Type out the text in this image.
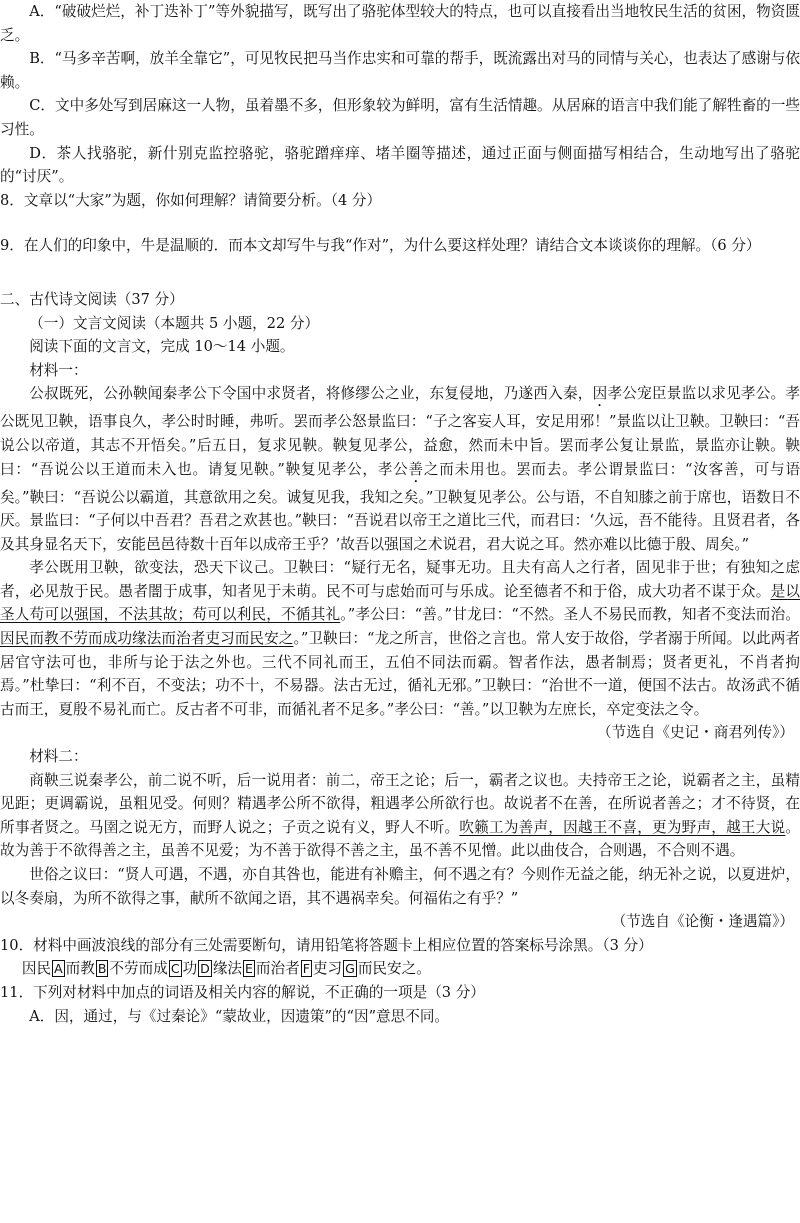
A．“破破烂烂，补丁迭补丁”等外貌描写，既写出了骆驼体型较大的特点，也可以直接看出当地牧民生活的贫困，物资匮乏。

B．“马多辛苦啊，放羊全靠它”，可见牧民把马当作忠实和可靠的帮手，既流露出对马的同情与关心，也表达了感谢与依赖。

C．文中多处写到居麻这一人物，虽着墨不多，但形象较为鲜明，富有生活情趣。从居麻的语言中我们能了解牲畜的一些习性。

D．茶人找骆驼，新什别克监控骆驼，骆驼蹭痒痒、堵羊圈等描述，通过正面与侧面描写相结合，生动地写出了骆驼的“讨厌”。

8．文章以“大家”为题，你如何理解？请简要分析。（4 分）

9．在人们的印象中，牛是温顺的．而本文却写牛与我“作对”，为什么要这样处理？请结合文本谈谈你的理解。（6 分）

二、古代诗文阅读（37 分）

（一）文言文阅读（本题共 5 小题，22 分）

阅读下面的文言文，完成 10～14 小题。

材料一：

公叔既死，公孙鞅闻秦孝公下令国中求贤者，将修缪公之业，东复侵地，乃遂西入秦，因孝公宠臣景监以求见孝公。孝公既见卫鞅，语事良久，孝公时时睡，弗听。罢而孝公怒景监曰：“子之客妄人耳，安足用邪！”景监以让卫鞅。卫鞅曰：“吾说公以帝道，其志不开悟矣。”后五日，复求见鞅。鞅复见孝公，益愈，然而未中旨。罢而孝公复让景监，景监亦让鞅。鞅曰：“吾说公以王道而未入也。请复见鞅。”鞅复见孝公，孝公善之而未用也。罢而去。孝公谓景监曰：“汝客善，可与语矣。”鞅曰：“吾说公以霸道，其意欲用之矣。诚复见我，我知之矣。”卫鞅复见孝公。公与语，不自知膝之前于席也，语数日不厌。景监曰：“子何以中吾君？吾君之欢甚也。”鞅曰：“吾说君以帝王之道比三代，而君曰：‘久远，吾不能待。且贤君者，各及其身显名天下，安能邑邑待数十百年以成帝王乎？’故吾以强国之术说君，君大说之耳。然亦难以比德于殷、周矣。”

孝公既用卫鞅，欲变法，恐天下议己。卫鞅曰：“疑行无名，疑事无功。且夫有高人之行者，固见非于世；有独知之虑者，必见敖于民。愚者闇于成事，知者见于未萌。民不可与虑始而可与乐成。论至德者不和于俗，成大功者不谋于众。是以圣人苟可以强国，不法其故；苟可以利民，不循其礼。”孝公曰：“善。”甘龙曰：“不然。圣人不易民而教，知者不变法而治。因民而教不劳而成功缘法而治者吏习而民安之。”卫鞅曰：“龙之所言，世俗之言也。常人安于故俗，学者溺于所闻。以此两者居官守法可也，非所与论于法之外也。三代不同礼而王，五伯不同法而霸。智者作法，愚者制焉；贤者更礼，不肖者拘焉。”杜挚曰：“利不百，不变法；功不十，不易器。法古无过，循礼无邪。”卫鞅曰：“治世不一道，便国不法古。故汤武不循古而王，夏殷不易礼而亡。反古者不可非，而循礼者不足多。”孝公曰：“善。”以卫鞅为左庶长，卒定变法之令。

（节选自《史记・商君列传》）

材料二：

商鞅三说秦孝公，前二说不听，后一说用者：前二，帝王之论；后一，霸者之议也。夫持帝王之论，说霸者之主，虽精见距；更调霸说，虽粗见受。何则？精遇孝公所不欲得，粗遇孝公所欲行也。故说者不在善，在所说者善之；才不待贤，在所事者贤之。马圉之说无方，而野人说之；子贡之说有义，野人不听。吹籁工为善声，因越王不喜，更为野声，越王大说。故为善于不欲得善之主，虽善不见爱；为不善于欲得不善之主，虽不善不见憎。此以曲伎合，合则遇，不合则不遇。

世俗之议曰：“贤人可遇，不遇，亦自其咎也，能进有补赡主，何不遇之有？今则作无益之能，纳无补之说，以夏进炉，以冬奏扇，为所不欲得之事，献所不欲闻之语，其不遇祸幸矣。何福佑之有乎？”

（节选自《论衡・逢遇篇》）

10．材料中画波浪线的部分有三处需要断句，请用铅笔将答题卡上相应位置的答案标号涂黑。（3 分）

因民 A 而教 B 不劳而成 C 功 D 缘法 E 而治者 F 吏习 G 而民安之。

11．下列对材料中加点的词语及相关内容的解说，不正确的一项是（3 分）

A．因，通过，与《过秦论》“蒙故业，因遗策”的“因”意思不同。
